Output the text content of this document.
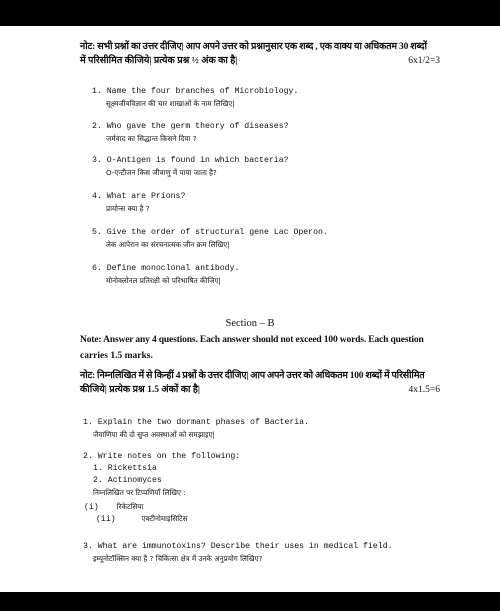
नोट: सभी प्रश्नों का उत्तर दीजिए| आप अपने उत्तर को प्रश्नानुसार एक शब्द , एक वाक्य या अधिकतम 30 शब्दों
में परिसीमित कीजिये| प्रत्येक प्रश्न ½ अंक का है|	6x1/2=3
1. Name the four branches of Microbiology.
सूक्ष्मजीवविज्ञान की चार शाखाओं के नाम लिखिए|
2. Who gave the germ theory of diseases?
जर्मवाद का सिद्धान्त किसने दिया ?
3. O-Antigen is found in which bacteria?
O-एन्टीजन किस जीवाणु में पाया जाता है?
4. What are Prions?
प्रायोन्स क्या है ?
5. Give the order of structural gene Lac Operon.
लेक आपेरान का संरचनात्मक जीन क्रम लिखिए|
6. Define monoclonal antibody.
मोनोक्लोनल प्रतिरक्षी को परिभाषित कीजिए|
Section – B
Note: Answer any 4 questions. Each answer should not exceed 100 words. Each question
carries 1.5 marks.
नोट: निम्नलिखित में से किन्हीं 4 प्रश्नों के उत्तर दीजिए| आप अपने उत्तर को अधिकतम 100 शब्दों में परिसीमित
कीजिये| प्रत्येक प्रश्न 1.5 अंकों का है|	4x1.5=6
1. Explain the two dormant phases of Bacteria.
जैवाणिया की दो सुप्त अवस्थाओं को समझाइए|
2. Write notes on the following:
1. Rickettsia
2. Actinomyces
निम्नलिखित पर टिप्पणियाँ लिखिए :
(i)	रिकेटसिया
(ii)	एक्टीनोमाइसिटिस
3. What are immunotoxins? Describe their uses in medical field.
इम्यूनोटॉक्सिन क्या है ? चिकित्सा क्षेत्र में उनके अनुप्रयोग लिखिए?
